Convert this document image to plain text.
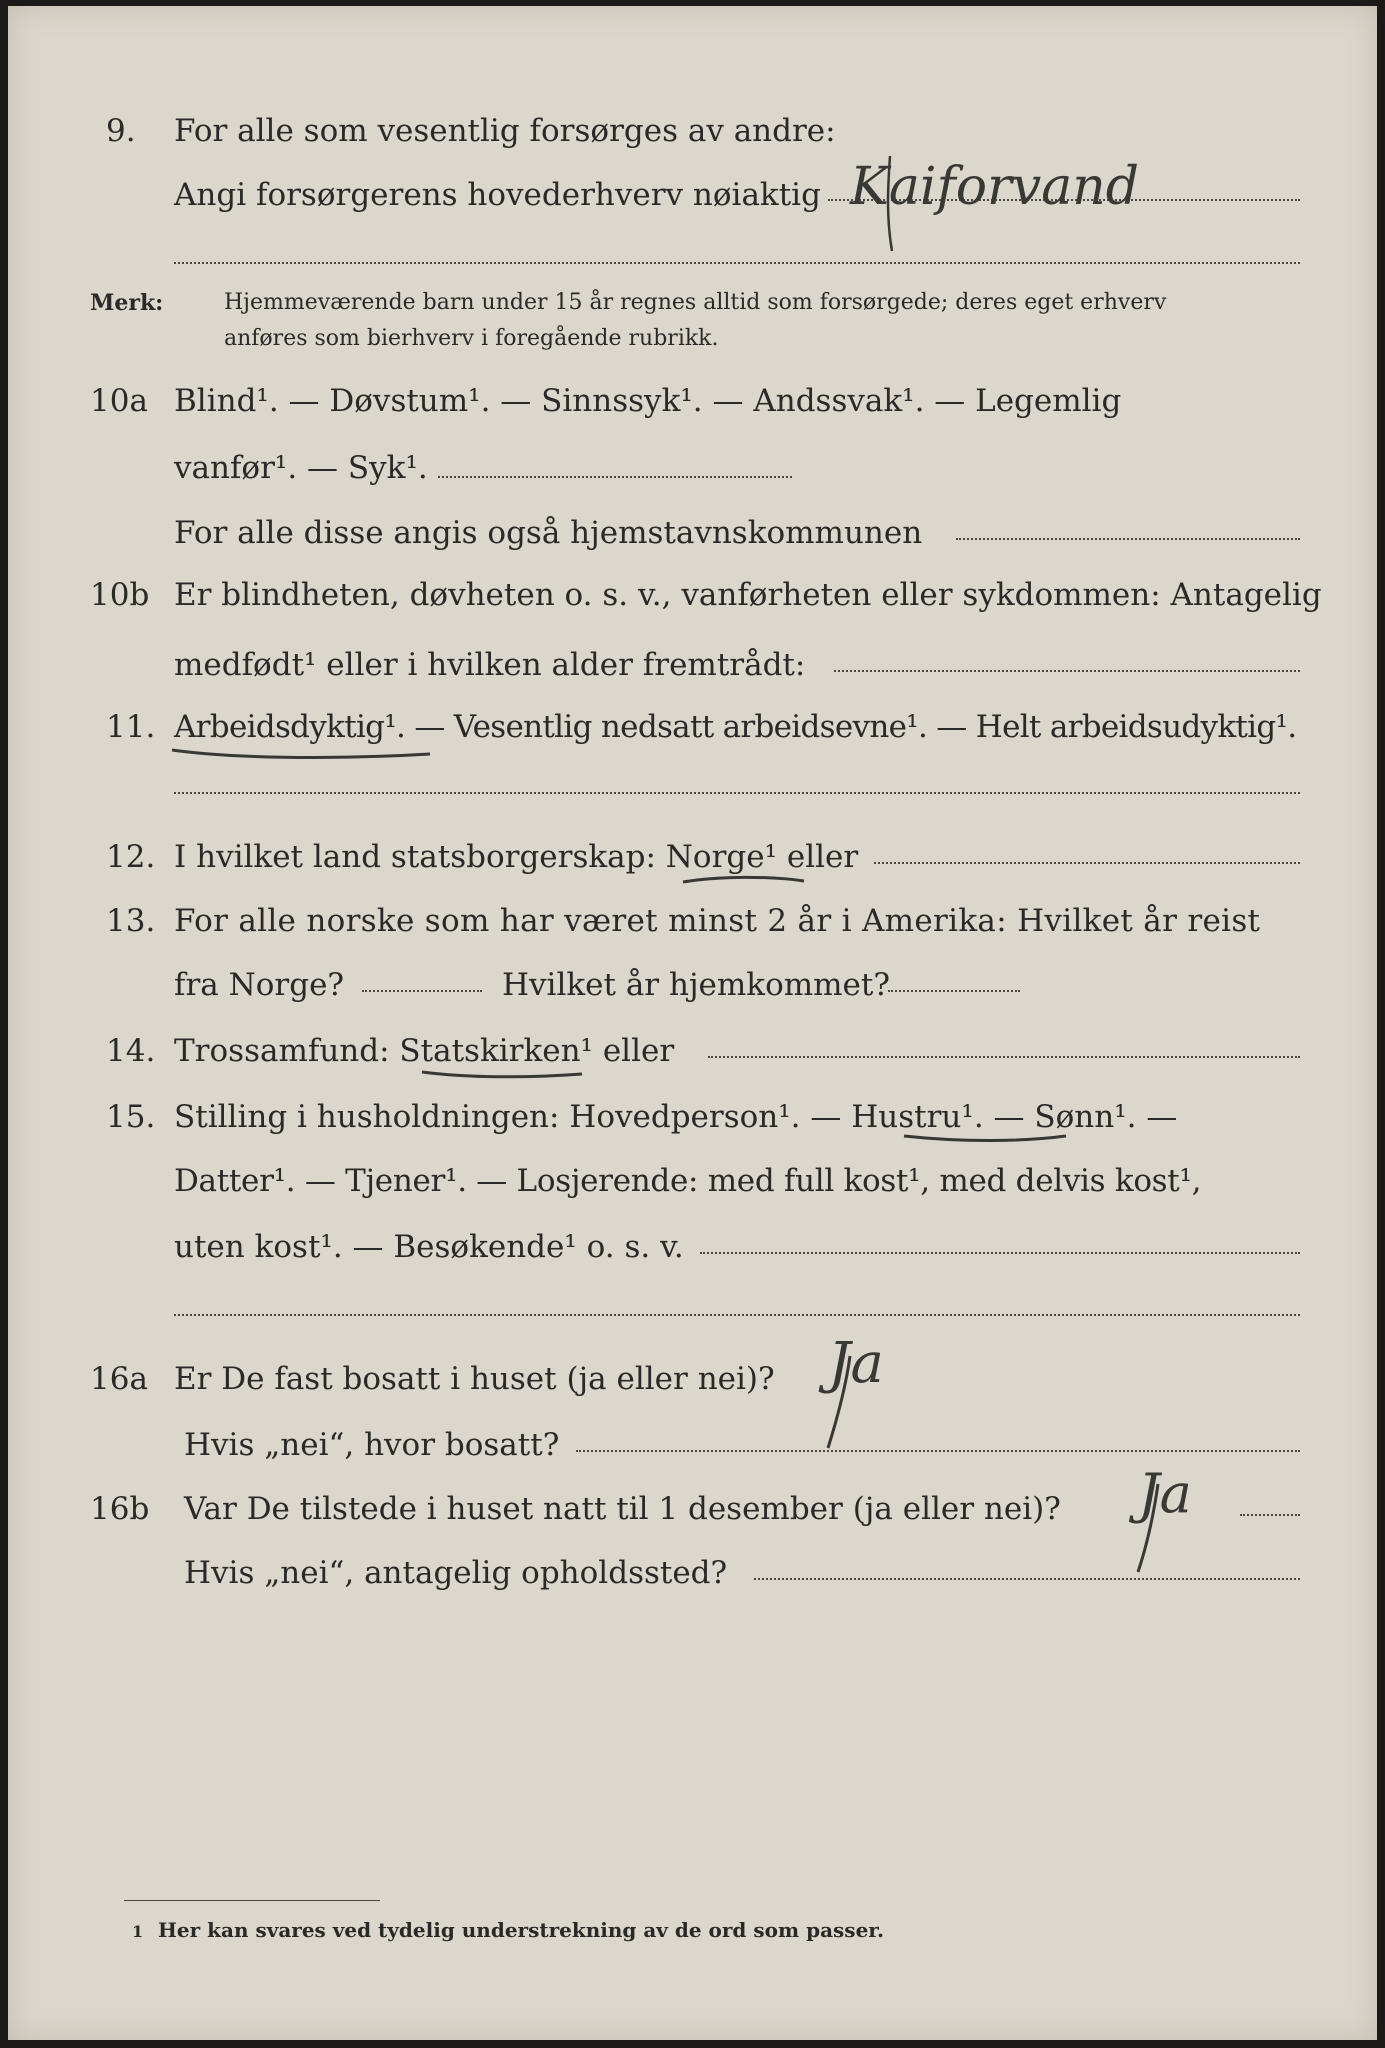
9. For alle som vesentlig forsørges av andre:
Angi forsørgerens hovederhverv nøiaktig Kaiforvand
Merk:	Hjemmeværende barn under 15 år regnes alltid som forsørgede; deres eget erhverv
anføres som bierhverv i foregående rubrikk.
10a Blind¹. — Døvstum¹. — Sinnssyk¹. — Andssvak¹. — Legemlig
vanfør¹. — Syk¹.
For alle disse angis også hjemstavnskommunen
10b Er blindheten, døvheten o. s. v., vanførheten eller sykdommen: Antagelig
medfødt¹ eller i hvilken alder fremtrådt:
11. Arbeidsdyktig¹. — Vesentlig nedsatt arbeidsevne¹. — Helt arbeidsudyktig¹.
12. I hvilket land statsborgerskap: Norge¹ eller
13. For alle norske som har været minst 2 år i Amerika: Hvilket år reist
fra Norge?	Hvilket år hjemkommet?
14. Trossamfund: Statskirken¹ eller
15. Stilling i husholdningen: Hovedperson¹. — Hustru¹. — Sønn¹. —
Datter¹. — Tjener¹. — Losjerende: med full kost¹, med delvis kost¹,
uten kost¹. — Besøkende¹ o. s. v.
16a Er De fast bosatt i huset (ja eller nei)? Ja
Hvis „nei“, hvor bosatt?
16b Var De tilstede i huset natt til 1 desember (ja eller nei)? Ja
Hvis „nei“, antagelig opholdssted?
1 Her kan svares ved tydelig understrekning av de ord som passer.
